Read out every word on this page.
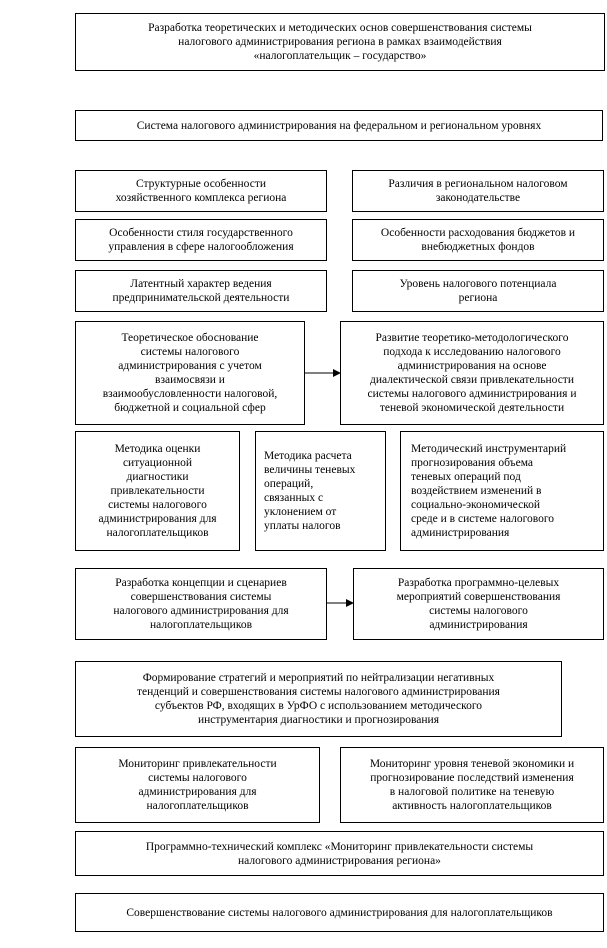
Разработка теоретических и методических основ совершенствования системы
налогового администрирования региона в рамках взаимодействия
«налогоплательщик – государство»
Система налогового администрирования на федеральном и региональном уровнях
Структурные особенности
хозяйственного комплекса региона
Различия в региональном налоговом
законодательстве
Особенности стиля государственного
управления в сфере налогообложения
Особенности расходования бюджетов и
внебюджетных фондов
Латентный характер ведения
предпринимательской деятельности
Уровень налогового потенциала
региона
Теоретическое обоснование
системы налогового
администрирования с учетом
взаимосвязи и
взаимообусловленности налоговой,
бюджетной и социальной сфер
Развитие теоретико-методологического
подхода к исследованию налогового
администрирования на основе
диалектической связи привлекательности
системы налогового администрирования и
теневой экономической деятельности
Методика оценки
ситуационной
диагностики
привлекательности
системы налогового
администрирования для
налогоплательщиков
Методика расчета
величины теневых
операций,
связанных с
уклонением от
уплаты налогов
Методический инструментарий
прогнозирования объема
теневых операций под
воздействием изменений в
социально-экономической
среде и в системе налогового
администрирования
Разработка концепции и сценариев
совершенствования системы
налогового администрирования для
налогоплательщиков
Разработка программно-целевых
мероприятий совершенствования
системы налогового
администрирования
Формирование стратегий и мероприятий по нейтрализации негативных
тенденций и совершенствования системы налогового администрирования
субъектов РФ, входящих в УрФО с использованием методического
инструментария диагностики и прогнозирования
Мониторинг привлекательности
системы налогового
администрирования для
налогоплательщиков
Мониторинг уровня теневой экономики и
прогнозирование последствий изменения
в налоговой политике на теневую
активность налогоплательщиков
Программно-технический комплекс «Мониторинг привлекательности системы
налогового администрирования региона»
Совершенствование системы налогового администрирования для налогоплательщиков
